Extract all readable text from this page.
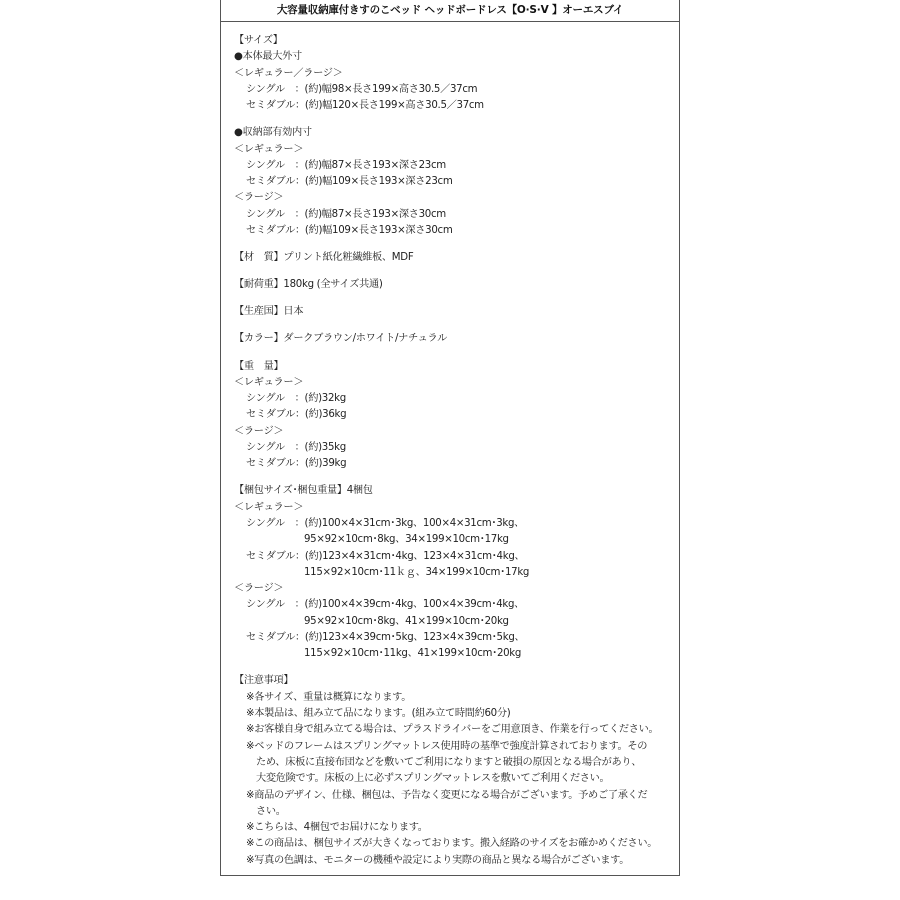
大容量収納庫付きすのこベッド ヘッドボードレス【O·S·V 】オーエスブイ
【サイズ】
●本体最大外寸
＜レギュラー／ラージ＞
シングル　：(約)幅98×長さ199×高さ30.5／37cm
セミダブル：(約)幅120×長さ199×高さ30.5／37cm
●収納部有効内寸
＜レギュラー＞
シングル　：(約)幅87×長さ193×深さ23cm
セミダブル：(約)幅109×長さ193×深さ23cm
＜ラージ＞
シングル　：(約)幅87×長さ193×深さ30cm
セミダブル：(約)幅109×長さ193×深さ30cm
【材　質】プリント紙化粧繊維板、MDF
【耐荷重】180kg (全サイズ共通)
【生産国】日本
【カラー】ダークブラウン/ホワイト/ナチュラル
【重　量】
＜レギュラー＞
シングル　：(約)32kg
セミダブル：(約)36kg
＜ラージ＞
シングル　：(約)35kg
セミダブル：(約)39kg
【梱包サイズ･梱包重量】4梱包
＜レギュラー＞
シングル　：(約)100×4×31cm･3kg、100×4×31cm･3kg、
95×92×10cm･8kg、34×199×10cm･17kg
セミダブル：(約)123×4×31cm･4kg、123×4×31cm･4kg、
115×92×10cm･11ｋｇ、34×199×10cm･17kg
＜ラージ＞
シングル　：(約)100×4×39cm･4kg、100×4×39cm･4kg、
95×92×10cm･8kg、41×199×10cm･20kg
セミダブル：(約)123×4×39cm･5kg、123×4×39cm･5kg、
115×92×10cm･11kg、41×199×10cm･20kg
【注意事項】
※各サイズ、重量は概算になります。
※本製品は、組み立て品になります。(組み立て時間約60分)
※お客様自身で組み立てる場合は、プラスドライバーをご用意頂き、作業を行ってください。
※ベッドのフレームはスプリングマットレス使用時の基準で強度計算されております。その
ため、床板に直接布団などを敷いてご利用になりますと破損の原因となる場合があり、
大変危険です。床板の上に必ずスプリングマットレスを敷いてご利用ください。
※商品のデザイン、仕様、梱包は、予告なく変更になる場合がございます。予めご了承くだ
さい。
※こちらは、4梱包でお届けになります。
※この商品は、梱包サイズが大きくなっております。搬入経路のサイズをお確かめください。
※写真の色調は、モニターの機種や設定により実際の商品と異なる場合がございます。
